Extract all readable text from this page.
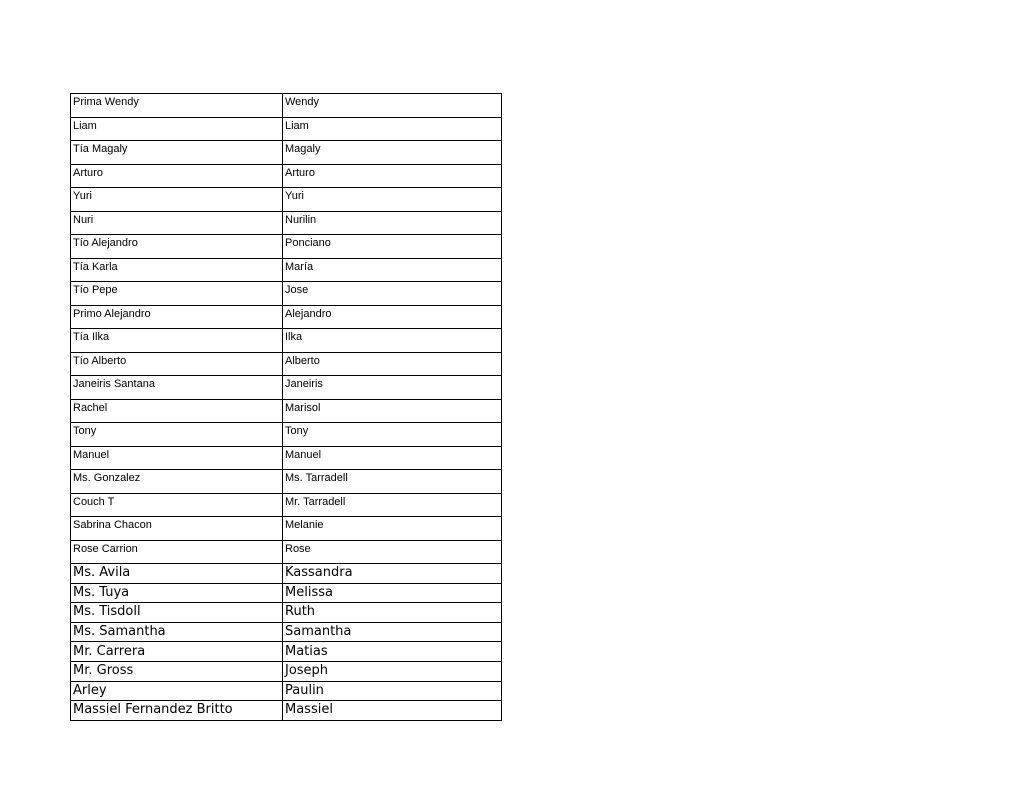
Prima Wendy	Wendy
Liam	Liam
Tía Magaly	Magaly
Arturo	Arturo
Yuri	Yuri
Nuri	Nurilin
Tío Alejandro	Ponciano
Tía Karla	María
Tío Pepe	Jose
Primo Alejandro	Alejandro
Tía Ilka	Ilka
Tío Alberto	Alberto
Janeiris Santana	Janeiris
Rachel	Marisol
Tony	Tony
Manuel	Manuel
Ms. Gonzalez	Ms. Tarradell
Couch T	Mr. Tarradell
Sabrina Chacon	Melanie
Rose Carrion	Rose
Ms. Avila	Kassandra
Ms. Tuya	Melissa
Ms. Tisdoll	Ruth
Ms. Samantha	Samantha
Mr. Carrera	Matias
Mr. Gross	Joseph
Arley	Paulin
Massiel Fernandez Britto	Massiel
